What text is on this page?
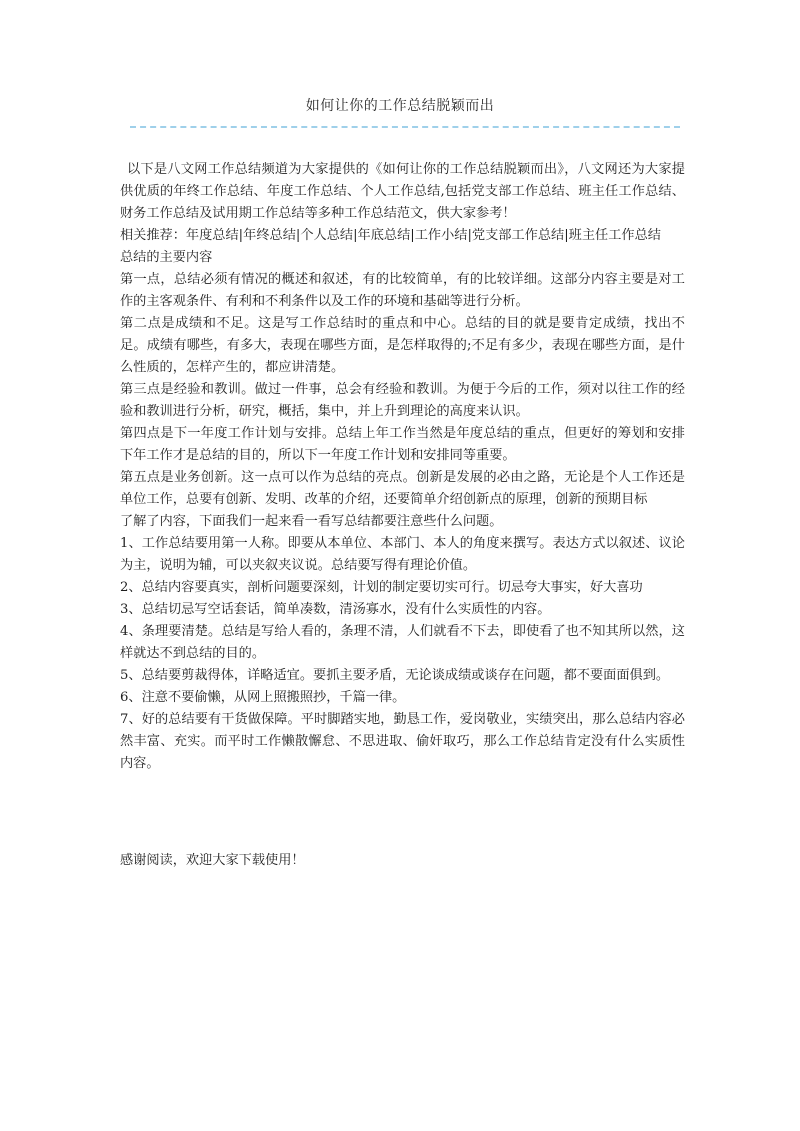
如何让你的工作总结脱颖而出

以下是八文网工作总结频道为大家提供的《如何让你的工作总结脱颖而出》，八文网还为大家提供优质的年终工作总结、年度工作总结、个人工作总结,包括党支部工作总结、班主任工作总结、财务工作总结及试用期工作总结等多种工作总结范文，供大家参考！

相关推荐：年度总结|年终总结|个人总结|年底总结|工作小结|党支部工作总结|班主任工作总结

总结的主要内容

第一点，总结必须有情况的概述和叙述，有的比较简单，有的比较详细。这部分内容主要是对工作的主客观条件、有利和不利条件以及工作的环境和基础等进行分析。

第二点是成绩和不足。这是写工作总结时的重点和中心。总结的目的就是要肯定成绩，找出不足。成绩有哪些，有多大，表现在哪些方面，是怎样取得的;不足有多少，表现在哪些方面，是什么性质的，怎样产生的，都应讲清楚。

第三点是经验和教训。做过一件事，总会有经验和教训。为便于今后的工作，须对以往工作的经验和教训进行分析，研究，概括，集中，并上升到理论的高度来认识。

第四点是下一年度工作计划与安排。总结上年工作当然是年度总结的重点，但更好的筹划和安排下年工作才是总结的目的，所以下一年度工作计划和安排同等重要。

第五点是业务创新。这一点可以作为总结的亮点。创新是发展的必由之路，无论是个人工作还是单位工作，总要有创新、发明、改革的介绍，还要简单介绍创新点的原理，创新的预期目标

了解了内容，下面我们一起来看一看写总结都要注意些什么问题。

1、工作总结要用第一人称。即要从本单位、本部门、本人的角度来撰写。表达方式以叙述、议论为主，说明为辅，可以夹叙夹议说。总结要写得有理论价值。

2、总结内容要真实，剖析问题要深刻，计划的制定要切实可行。切忌夸大事实，好大喜功

3、总结切忌写空话套话，简单凑数，清汤寡水，没有什么实质性的内容。

4、条理要清楚。总结是写给人看的，条理不清，人们就看不下去，即使看了也不知其所以然，这样就达不到总结的目的。

5、总结要剪裁得体，详略适宜。要抓主要矛盾，无论谈成绩或谈存在问题，都不要面面俱到。

6、注意不要偷懒，从网上照搬照抄，千篇一律。

7、好的总结要有干货做保障。平时脚踏实地，勤恳工作，爱岗敬业，实绩突出，那么总结内容必然丰富、充实。而平时工作懒散懈怠、不思进取、偷奸取巧，那么工作总结肯定没有什么实质性内容。

感谢阅读，欢迎大家下载使用！
